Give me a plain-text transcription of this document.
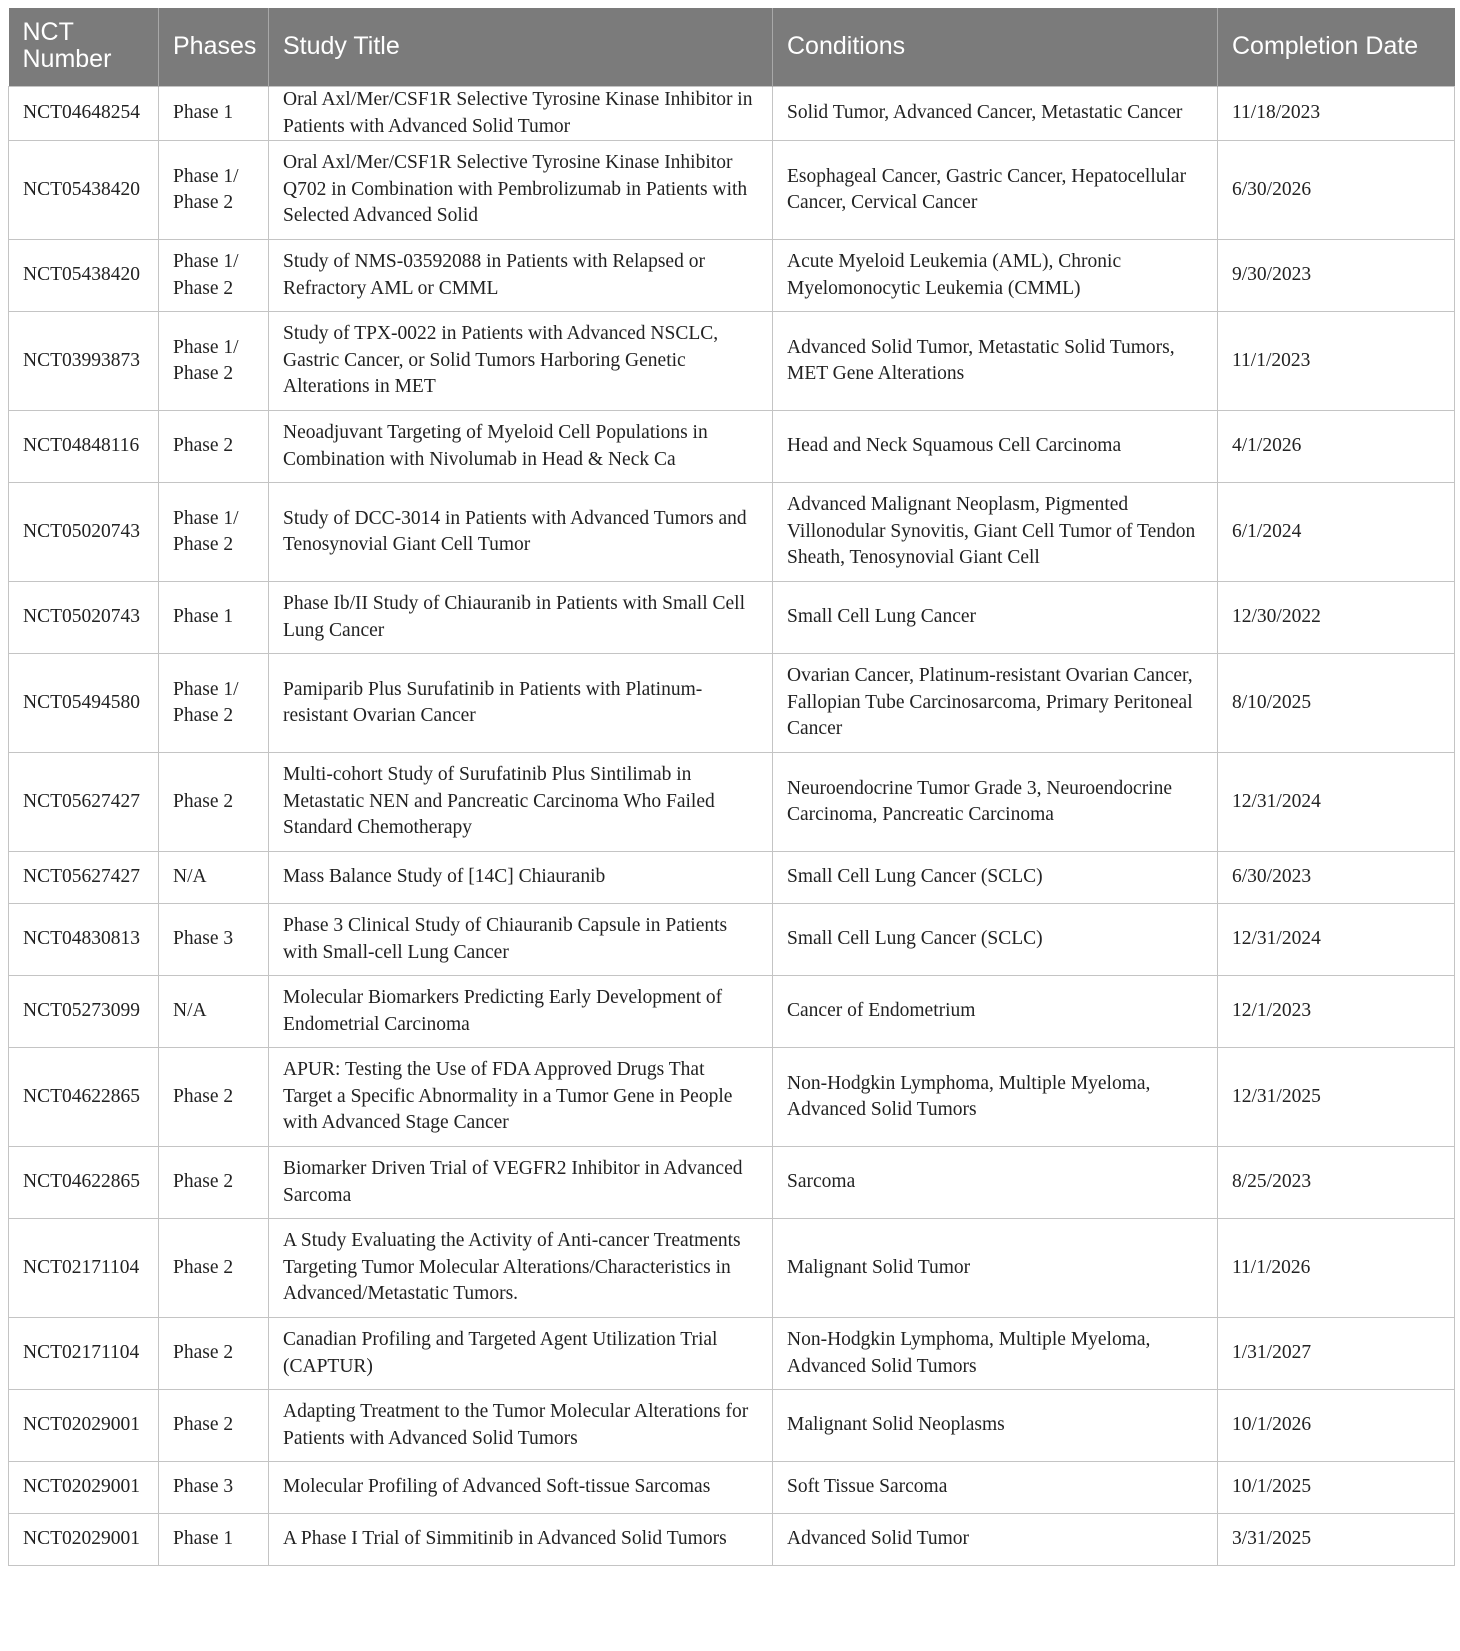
NCT Number	Phases	Study Title	Conditions	Completion Date
NCT04648254	Phase 1	Oral Axl/Mer/CSF1R Selective Tyrosine Kinase Inhibitor in Patients with Advanced Solid Tumor	Solid Tumor, Advanced Cancer, Metastatic Cancer	11/18/2023
NCT05438420	Phase 1/ Phase 2	Oral Axl/Mer/CSF1R Selective Tyrosine Kinase Inhibitor Q702 in Combination with Pembrolizumab in Patients with Selected Advanced Solid	Esophageal Cancer, Gastric Cancer, Hepatocellular Cancer, Cervical Cancer	6/30/2026
NCT05438420	Phase 1/ Phase 2	Study of NMS-03592088 in Patients with Relapsed or Refractory AML or CMML	Acute Myeloid Leukemia (AML), Chronic Myelomonocytic Leukemia (CMML)	9/30/2023
NCT03993873	Phase 1/ Phase 2	Study of TPX-0022 in Patients with Advanced NSCLC, Gastric Cancer, or Solid Tumors Harboring Genetic Alterations in MET	Advanced Solid Tumor, Metastatic Solid Tumors, MET Gene Alterations	11/1/2023
NCT04848116	Phase 2	Neoadjuvant Targeting of Myeloid Cell Populations in Combination with Nivolumab in Head & Neck Ca	Head and Neck Squamous Cell Carcinoma	4/1/2026
NCT05020743	Phase 1/ Phase 2	Study of DCC-3014 in Patients with Advanced Tumors and Tenosynovial Giant Cell Tumor	Advanced Malignant Neoplasm, Pigmented Villonodular Synovitis, Giant Cell Tumor of Tendon Sheath, Tenosynovial Giant Cell	6/1/2024
NCT05020743	Phase 1	Phase Ib/II Study of Chiauranib in Patients with Small Cell Lung Cancer	Small Cell Lung Cancer	12/30/2022
NCT05494580	Phase 1/ Phase 2	Pamiparib Plus Surufatinib in Patients with Platinum-resistant Ovarian Cancer	Ovarian Cancer, Platinum-resistant Ovarian Cancer, Fallopian Tube Carcinosarcoma, Primary Peritoneal Cancer	8/10/2025
NCT05627427	Phase 2	Multi-cohort Study of Surufatinib Plus Sintilimab in Metastatic NEN and Pancreatic Carcinoma Who Failed Standard Chemotherapy	Neuroendocrine Tumor Grade 3, Neuroendocrine Carcinoma, Pancreatic Carcinoma	12/31/2024
NCT05627427	N/A	Mass Balance Study of [14C] Chiauranib	Small Cell Lung Cancer (SCLC)	6/30/2023
NCT04830813	Phase 3	Phase 3 Clinical Study of Chiauranib Capsule in Patients with Small-cell Lung Cancer	Small Cell Lung Cancer (SCLC)	12/31/2024
NCT05273099	N/A	Molecular Biomarkers Predicting Early Development of Endometrial Carcinoma	Cancer of Endometrium	12/1/2023
NCT04622865	Phase 2	APUR: Testing the Use of FDA Approved Drugs That Target a Specific Abnormality in a Tumor Gene in People with Advanced Stage Cancer	Non-Hodgkin Lymphoma, Multiple Myeloma, Advanced Solid Tumors	12/31/2025
NCT04622865	Phase 2	Biomarker Driven Trial of VEGFR2 Inhibitor in Advanced Sarcoma	Sarcoma	8/25/2023
NCT02171104	Phase 2	A Study Evaluating the Activity of Anti-cancer Treatments Targeting Tumor Molecular Alterations/Characteristics in Advanced/Metastatic Tumors.	Malignant Solid Tumor	11/1/2026
NCT02171104	Phase 2	Canadian Profiling and Targeted Agent Utilization Trial (CAPTUR)	Non-Hodgkin Lymphoma, Multiple Myeloma, Advanced Solid Tumors	1/31/2027
NCT02029001	Phase 2	Adapting Treatment to the Tumor Molecular Alterations for Patients with Advanced Solid Tumors	Malignant Solid Neoplasms	10/1/2026
NCT02029001	Phase 3	Molecular Profiling of Advanced Soft-tissue Sarcomas	Soft Tissue Sarcoma	10/1/2025
NCT02029001	Phase 1	A Phase I Trial of Simmitinib in Advanced Solid Tumors	Advanced Solid Tumor	3/31/2025
